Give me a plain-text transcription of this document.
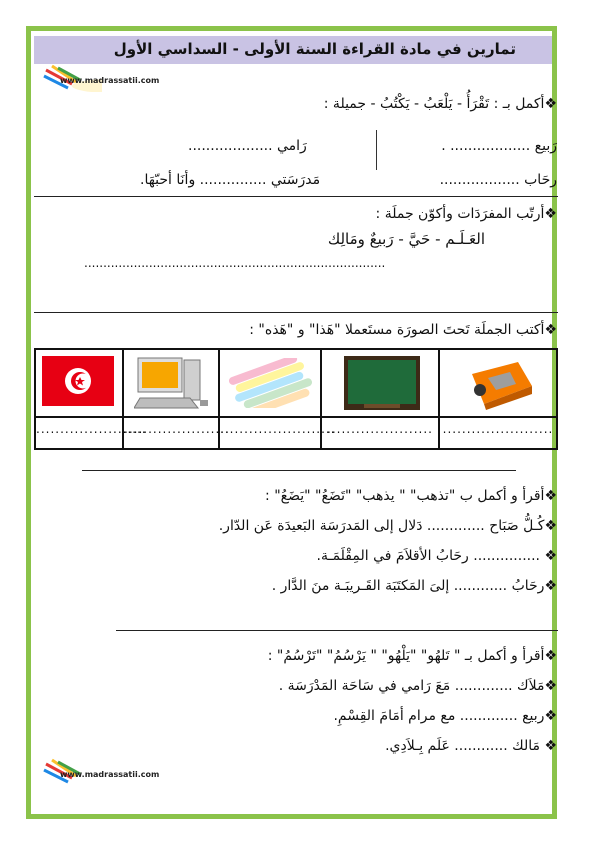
تمارين في مادة القراءة السنة الأولى - السداسي الأول
www.madrassatii.com
❖أكمل بـ : تَقْرَأُ - يَلْعَبُ - يَكْتُبُ - جميلة :
رَبيع .................. .
رَامي ...................
رحَاب ..................
مَدرَسَتي ............... وأنَا أحبّهَا.
❖أرتّب المفرَدَات وأكوّن جملَة :
العَـلَـم - حَيَّ - رَبيعٌ ومَالِك
...............................................................................
❖أكتب الجملَة تَحتَ الصورَة مستَعملا "هَذا" و "هَذه" :
.......................
......................
........................
...................... .......................
❖أقرأ و أكمل ب "تذهب" " يذهب" "تَضَعُ" "يَضَعُ" :
❖كُـلُّ صَبَاح ............. دَلال إلى المَدرَسَة البَعيدَة عَن الدّار.
❖ ............... رحَابُ الأقلاَمَ في المِقْلَمَـة.
❖رحَابُ ............ إلىَ المَكتَبَة القَـريبَـة منَ الدَّار .
❖أقرأ و أكمل بـ " تَلهُو" "يَلْهُو" " يَرْسُمُ" "تَرْسُمُ" :
❖مَلاَك ............. مَعَ رَامي في سَاحَة المَدْرَسَة .
❖ربيع ............. مع مرام أمَامَ القِسْمِ.
❖ مَالك ............ عَلَم بِـلاَدِي.
www.madrassatii.com
